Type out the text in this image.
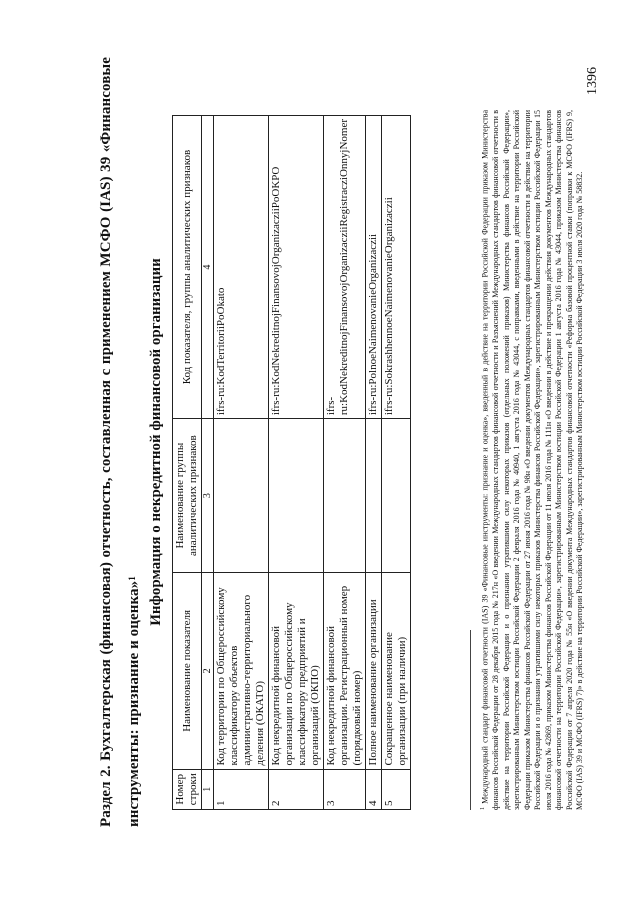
Раздел 2. Бухгалтерская (финансовая) отчетность, составленная с применением МСФО (IAS) 39 «Финансовые инструменты: признание и оценка»$^1$ Информация о некредитной финансовой организации
Номер строки	Наименование показателя	Наименование группы аналитических признаков	Код показателя, группы аналитических признаков
1	2	3	4
1	Код территории по Общероссийскому классификатору объектов административно-территориального деления (ОКАТО)		ifrs-ru:KodTerritoriiPoOkato
2	Код некредитной финансовой организации по Общероссийскому классификатору предприятий и организаций (ОКПО)		ifrs-ru:KodNekreditnojFinansovojOrganizacziiPoOKPO
3	Код некредитной финансовой организации. Регистрационный номер (порядковый номер)		ifrs-ru:KodNekreditnojFinansovojOrganizacziiRegistracziOnnyjNomer
4	Полное наименование организации		ifrs-ru:PolnoeNaimenovanieOrganizaczii
5	Сокращенное наименование организации (при наличии)		ifrs-ru:SokrashhennoeNaimenovanieOrganizaczii
$^1$ Международный стандарт финансовой отчетности (IAS) 39 «Финансовые инструменты: признание и оценка», введенный в действие на территории Российской Федерации приказом Министерства финансов Российской Федерации от 28 декабря 2015 года № 217н «О введении Международных стандартов финансовой отчетности и Разъяснений Международных стандартов финансовой отчетности в действие на территории Российской Федерации и о признании утратившими силу некоторых приказов (отдельных положений приказов) Министерства финансов Российской Федерации», зарегистрированным Министерством юстиции Российской Федерации 2 февраля 2016 года № 40940, 1 августа 2016 года № 43044, с поправками, введенными в действие на территории Российской Федерации приказом Министерства финансов Российской Федерации от 27 июня 2016 года № 98н «О введении документов Международных стандартов финансовой отчетности в действие на территории Российской Федерации и о признании утратившими силу некоторых приказов Министерства финансов Российской Федерации», зарегистрированным Министерством юстиции Российской Федерации 15 июля 2016 года № 42869, приказом Министерства финансов Российской Федерации от 11 июля 2016 года № 111н «О введении в действие и прекращении действия документов Международных стандартов финансовой отчетности на территории Российской Федерации», зарегистрированным Министерством юстиции Российской Федерации 1 августа 2016 года № 43044, приказом Министерства финансов Российской Федерации от 7 апреля 2020 года № 55н «О введении документа Международных стандартов финансовой отчетности «Реформа базовой процентной ставки (поправки к МСФО (IFRS) 9, МСФО (IAS) 39 и МСФО (IFRS) 7)» в действие на территории Российской Федерации», зарегистрированным Министерством юстиции Российской Федерации 3 июля 2020 года № 58832.
1396
